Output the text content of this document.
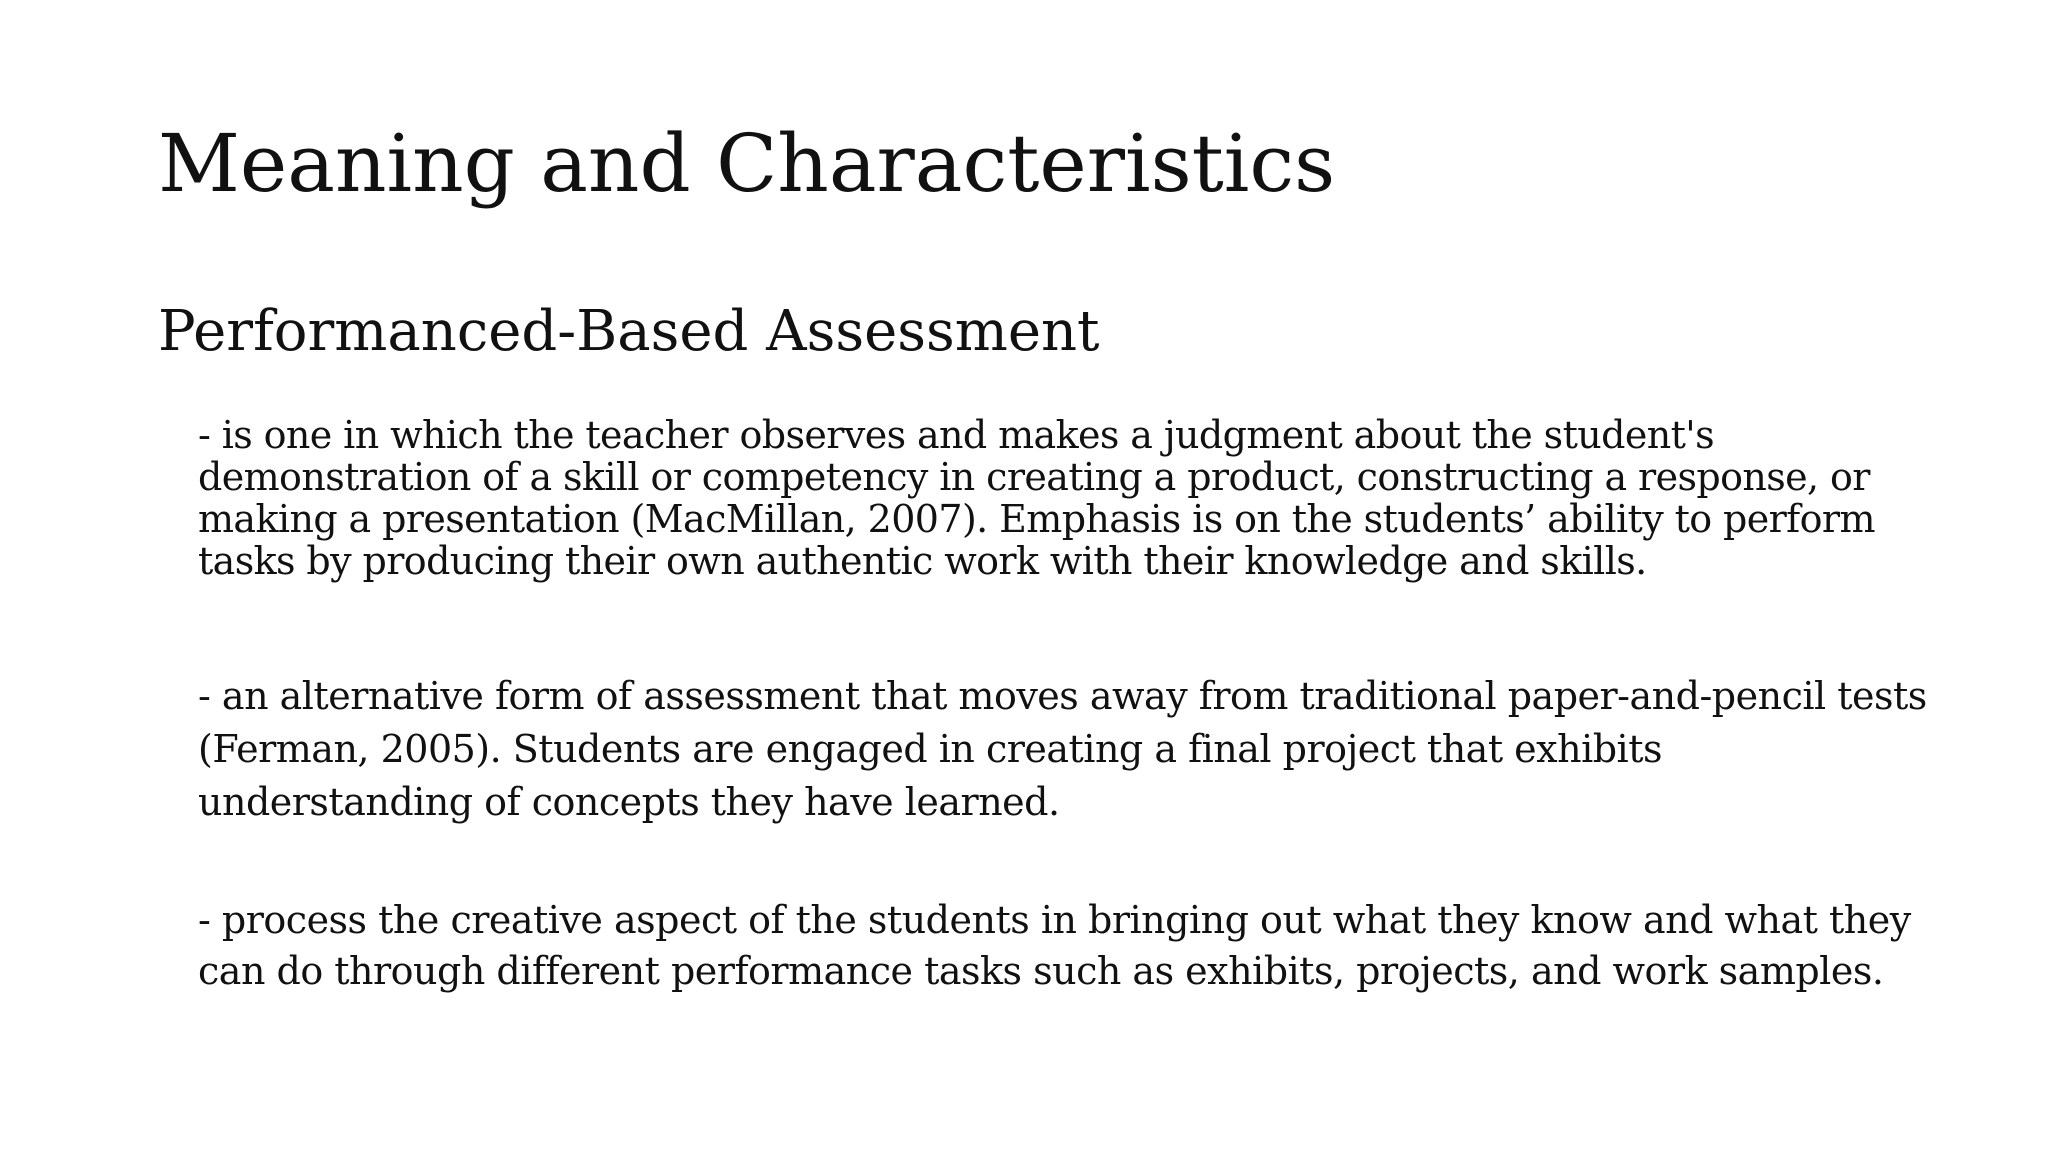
Meaning and Characteristics
Performanced-Based Assessment

- is one in which the teacher observes and makes a judgment about the student's demonstration of a skill or competency in creating a product, constructing a response, or making a presentation (MacMillan, 2007). Emphasis is on the students’ ability to perform tasks by producing their own authentic work with their knowledge and skills.

- an alternative form of assessment that moves away from traditional paper-and-pencil tests (Ferman, 2005). Students are engaged in creating a final project that exhibits understanding of concepts they have learned.

- process the creative aspect of the students in bringing out what they know and what they can do through different performance tasks such as exhibits, projects, and work samples.
